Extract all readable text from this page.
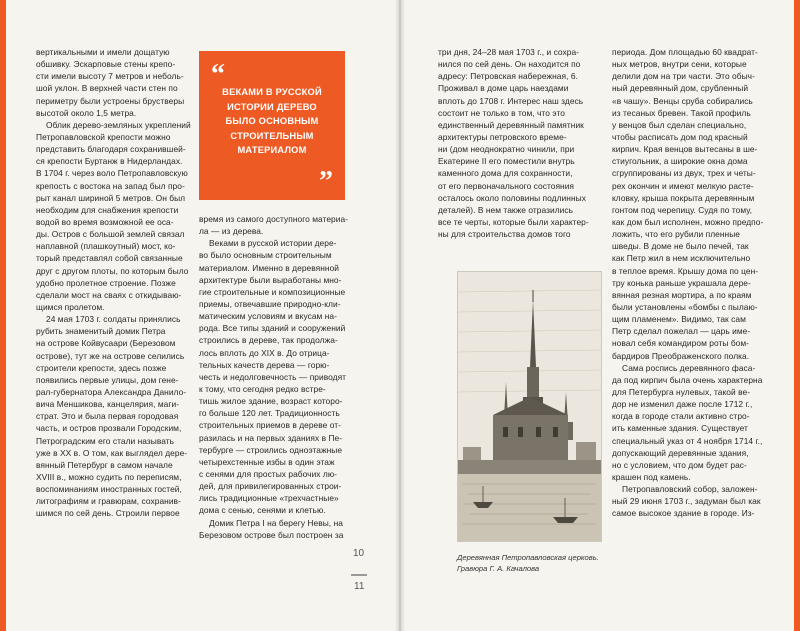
вертикальными и имели дощатую
обшивку. Эскарповые стены крепо-
сти имели высоту 7 метров и неболь-
шой уклон. В верхней части стен по
периметру были устроены брустверы
высотой около 1,5 метра.
Облик дерево-земляных укреплений
Петропавловской крепости можно
представить благодаря сохранившей-
ся крепости Буртанж в Нидерландах.
В 1704 г. через воло Петропавловскую
крепость с востока на запад был про-
рыт канал шириной 5 метров. Он был
необходим для снабжения крепости
водой во время возможной ее оса-
ды. Остров с большой землей связал
наплавной (плашкоутный) мост, ко-
торый представлял собой связанные
друг с другом плоты, по которым было
удобно пролетное строение. Позже
сделали мост на сваях с откидываю-
щимся пролетом.
24 мая 1703 г. солдаты принялись
рубить знаменитый домик Петра
на острове Койвусаари (Березовом
острове), тут же на острове селились
строители крепости, здесь позже
появились первые улицы, дом гене-
рал-губернатора Александра Данило-
вича Меншикова, канцелярия, маги-
страт. Это и была первая городовая
часть, и остров прозвали Городским,
Петроградским его стали называть
уже в XX в. О том, как выглядел дере-
вянный Петербург в самом начале
XVIII в., можно судить по переписям,
воспоминаниям иностранных гостей,
литографиям и гравюрам, сохранив-
шимся по сей день. Строили первое
“
ВЕКАМИ В РУССКОЙ
ИСТОРИИ ДЕРЕВО
БЫЛО ОСНОВНЫМ
СТРОИТЕЛЬНЫМ
МАТЕРИАЛОМ
”
время из самого доступного материа-
ла — из дерева.
Веками в русской истории дере-
во было основным строительным
материалом. Именно в деревянной
архитектуре были выработаны мно-
гие строительные и композиционные
приемы, отвечавшие природно-кли-
матическим условиям и вкусам на-
рода. Все типы зданий и сооружений
строились в дереве, так продолжа-
лось вплоть до XIX в. До отрица-
тельных качеств дерева — горю-
честь и недолговечность — приводят
к тому, что сегодня редко встре-
тишь жилое здание, возраст которо-
го больше 120 лет. Традиционность
строительных приемов в дереве от-
разилась и на первых зданиях в Пе-
тербурге — строились одноэтажные
четырехстенные избы в один этаж
с сенями для простых рабочих лю-
дей, для привилегированных строи-
лись традиционные «трехчастные»
дома с сенью, сенями и клетью.
Домик Петра I на берегу Невы, на
Березовом острове был построен за
10
11
три дня, 24–28 мая 1703 г., и сохра-
нился по сей день. Он находится по
адресу: Петровская набережная, 6.
Проживал в доме царь наездами
вплоть до 1708 г. Интерес наш здесь
состоит не только в том, что это
единственный деревянный памятник
архитектуры петровского време-
ни (дом неоднократно чинили, при
Екатерине II его поместили внутрь
каменного дома для сохранности,
от его первоначального состояния
осталось около половины подлинных
деталей). В нем также отразились
все те черты, которые были характер-
ны для строительства домов того
Деревянная Петропавловская церковь.
Гравюра Г. А. Качалова
периода. Дом площадью 60 квадрат-
ных метров, внутри сени, которые
делили дом на три части. Это обыч-
ный деревянный дом, срубленный
«в чашу». Венцы сруба собирались
из тесаных бревен. Такой профиль
у венцов был сделан специально,
чтобы расписать дом под красный
кирпич. Края венцов вытесаны в ше-
стиугольник, а широкие окна дома
сгруппированы из двух, трех и четы-
рех окончин и имеют мелкую расте-
кловку, крыша покрыта деревянным
гонтом под черепицу. Судя по тому,
как дом был исполнен, можно предпо-
ложить, что его рубили пленные
шведы. В доме не было печей, так
как Петр жил в нем исключительно
в теплое время. Крышу дома по цен-
тру конька раньше украшала дере-
вянная резная мортира, а по краям
были установлены «бомбы с пылаю-
щим пламенем». Видимо, так сам
Петр сделал пожелал — царь име-
новал себя командиром роты бом-
бардиров Преображенского полка.
Сама роспись деревянного фаса-
да под кирпич была очень характерна
для Петербурга нулевых, такой ве-
дор не изменил даже после 1712 г.,
когда в городе стали активно стро-
ить каменные здания. Существует
специальный указ от 4 ноября 1714 г.,
допускающий деревянные здания,
но с условием, что дом будет рас-
крашен под камень.
Петропавловский собор, заложен-
ный 29 июня 1703 г., задуман был как
самое высокое здание в городе. Из-
